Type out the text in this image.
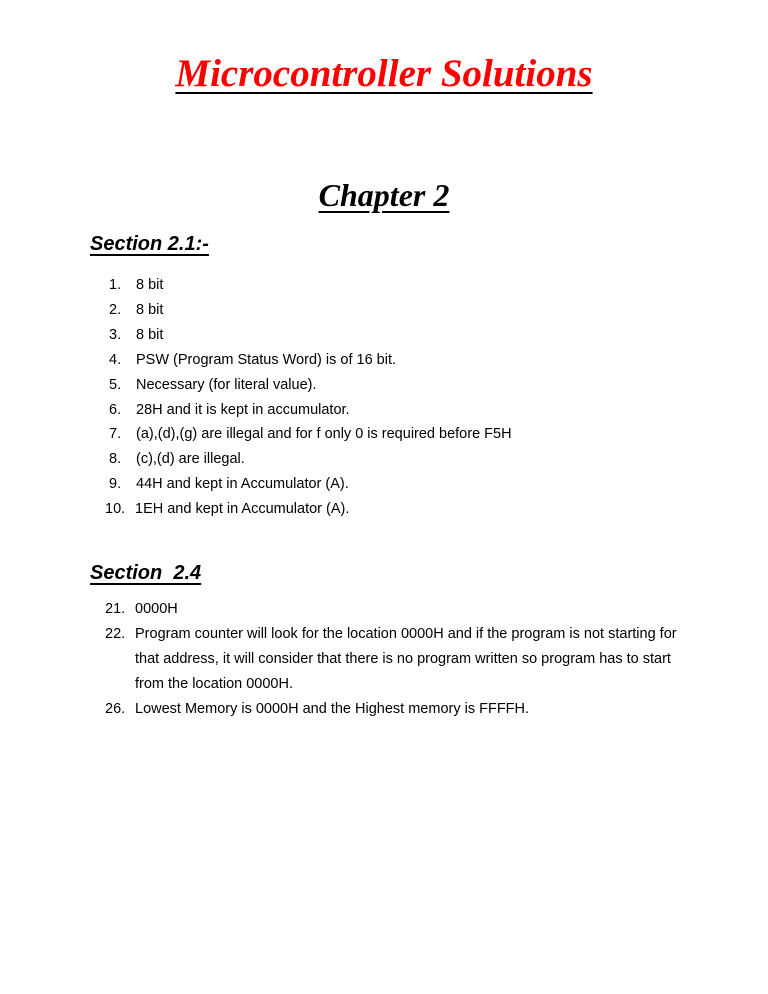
Microcontroller Solutions
Chapter 2
Section 2.1:-
1. 8 bit
2. 8 bit
3. 8 bit
4. PSW (Program Status Word) is of 16 bit.
5. Necessary (for literal value).
6. 28H and it is kept in accumulator.
7. (a),(d),(g) are illegal and for f only 0 is required before F5H
8. (c),(d) are illegal.
9. 44H and kept in Accumulator (A).
10. 1EH and kept in Accumulator (A).
Section  2.4
21. 0000H
22. Program counter will look for the location 0000H and if the program is not starting for that address, it will consider that there is no program written so program has to start from the location 0000H.
26. Lowest Memory is 0000H and the Highest memory is FFFFH.
